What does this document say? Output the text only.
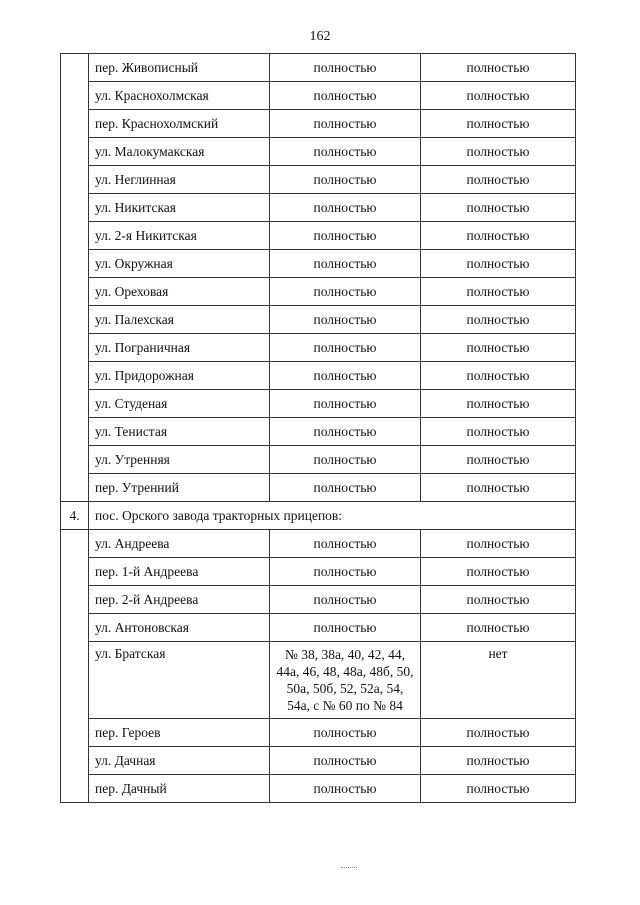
162
	пер. Живописный	полностью	полностью
	ул. Краснохолмская	полностью	полностью
	пер. Краснохолмский	полностью	полностью
	ул. Малокумакская	полностью	полностью
	ул. Неглинная	полностью	полностью
	ул. Никитская	полностью	полностью
	ул. 2-я Никитская	полностью	полностью
	ул. Окружная	полностью	полностью
	ул. Ореховая	полностью	полностью
	ул. Палехская	полностью	полностью
	ул. Пограничная	полностью	полностью
	ул. Придорожная	полностью	полностью
	ул. Студеная	полностью	полностью
	ул. Тенистая	полностью	полностью
	ул. Утренняя	полностью	полностью
	пер. Утренний	полностью	полностью
4.	пос. Орского завода тракторных прицепов:		
	ул. Андреева	полностью	полностью
	пер. 1-й Андреева	полностью	полностью
	пер. 2-й Андреева	полностью	полностью
	ул. Антоновская	полностью	полностью
	ул. Братская	№ 38, 38а, 40, 42, 44, 44а, 46, 48, 48а, 48б, 50, 50а, 50б, 52, 52а, 54, 54а, с № 60 по № 84	нет
	пер. Героев	полностью	полностью
	ул. Дачная	полностью	полностью
	пер. Дачный	полностью	полностью
